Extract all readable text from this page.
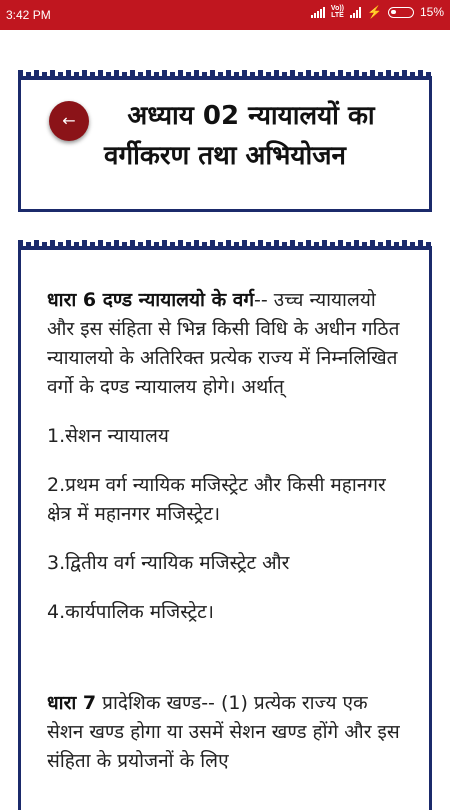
3:42 PM	Vo))
LTE ⚡	15%
←	अध्याय 02 न्यायालयों का वर्गीकरण तथा अभियोजन

धारा 6 दण्ड न्यायालयो के वर्ग-- उच्च न्यायालयो और इस संहिता से भिन्न किसी विधि के अधीन गठित न्यायालयो के अतिरिक्त प्रत्येक राज्य में निम्नलिखित वर्गो के दण्ड न्यायालय होगे। अर्थात्

1.सेशन न्यायालय

2.प्रथम वर्ग न्यायिक मजिस्ट्रेट और किसी महानगर क्षेत्र में महानगर मजिस्ट्रेट।

3.द्वितीय वर्ग न्यायिक मजिस्ट्रेट और

4.कार्यपालिक मजिस्ट्रेट।

धारा 7 प्रादेशिक खण्ड-- (1) प्रत्येक राज्य एक सेशन खण्ड होगा या उसमें सेशन खण्ड होंगे और इस संहिता के प्रयोजनों के लिए
